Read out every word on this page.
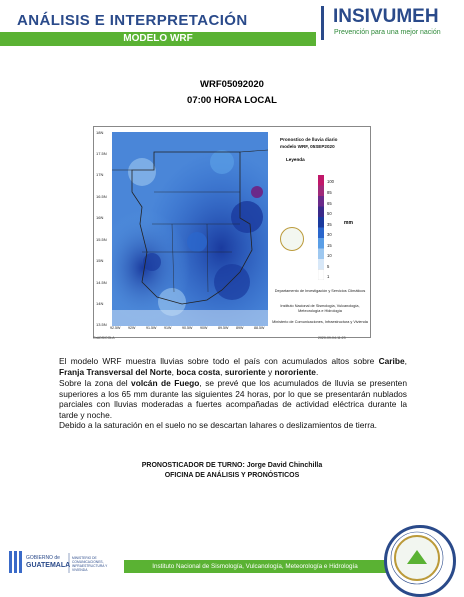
ANÁLISIS E INTERPRETACIÓN
MODELO WRF
INSIVUMEH
Prevención para una mejor nación
WRF05092020
07:00 HORA LOCAL
18N
17.5N
17N
16.5N
16N
15.5N
15N
14.5N
14N
13.5N
92.5W 92W	91.5W 91W	90.5W 90W	89.5W 89W	88.5W
Pronostico de lluvia diario
modelo WRF, 05SEP2020
Leyenda
100
85
65
50
35
30
15
10
5
1
mm
Departamento de Investigación y Servicios Climáticos
Instituto Nacional de Sismología, Vulcanología, Meteorología e Hidrología
Ministerio de Comunicaciones, Infraestructura y Vivienda
GrADS/COLA	2020-09-04-11:23
El modelo WRF muestra lluvias sobre todo el país con acumulados altos sobre Caribe, Franja Transversal del Norte, boca costa, suroriente y nororiente.
Sobre la zona del volcán de Fuego, se prevé que los acumulados de lluvia se presenten superiores a los 65 mm durante las siguientes 24 horas, por lo que se presentarán nublados parciales con lluvias moderadas a fuertes acompañadas de actividad eléctrica durante la tarde y noche.
Debido a la saturación en el suelo no se descartan lahares o deslizamientos de tierra.
PRONOSTICADOR DE TURNO: Jorge David Chinchilla
OFICINA DE ANÁLISIS Y PRONÓSTICOS
GOBIERNO de
GUATEMALA
MINISTERIO DE COMUNICACIONES, INFRAESTRUCTURA Y VIVIENDA	Instituto Nacional de Sismología, Vulcanología, Meteorología e Hidrología
